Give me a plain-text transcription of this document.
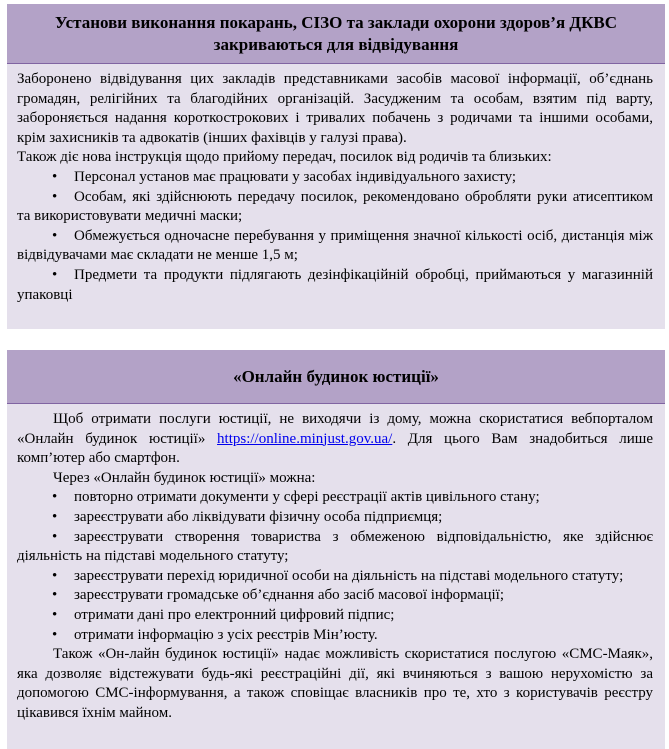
Установи виконання покарань, СІЗО та заклади охорони здоров’я ДКВС
закриваються для відвідування

Заборонено відвідування цих закладів представниками засобів масової інформації, об’єднань громадян, релігійних та благодійних організацій. Засудженим та особам, взятим під варту, забороняється надання короткострокових і тривалих побачень з родичами та іншими особами, крім захисників та адвокатів (інших фахівців у галузі права).

Також діє нова інструкція щодо прийому передач, посилок від родичів та близьких:

• Персонал установ має працювати у засобах індивідуального захисту;

• Особам, які здійснюють передачу посилок, рекомендовано обробляти руки атисептиком та використовувати медичні маски;

• Обмежується одночасне перебування у приміщення значної кількості осіб, дистанція між відвідувачами має складати не менше 1,5 м;

• Предмети та продукти підлягають дезінфікаційній обробці, приймаються у магазинній упаковці

«Онлайн будинок юстиції»

Щоб отримати послуги юстиції, не виходячи із дому, можна скористатися вебпорталом «Онлайн будинок юстиції» https://online.minjust.gov.ua/. Для цього Вам знадобиться лише комп’ютер або смартфон.

Через «Онлайн будинок юстиції» можна:

• повторно отримати документи у сфері реєстрації актів цивільного стану;

• зареєструвати або ліквідувати фізичну особа підприємця;

• зареєструвати створення товариства з обмеженою відповідальністю, яке здійснює діяльність на підставі модельного статуту;

• зареєструвати перехід юридичної особи на діяльність на підставі модельного статуту;

• зареєструвати громадське об’єднання або засіб масової інформації;

• отримати дані про електронний цифровий підпис;

• отримати інформацію з усіх реєстрів Мін’юсту.

Також «Он-лайн будинок юстиції» надає можливість скористатися послугою «СМС-Маяк», яка дозволяє відстежувати будь-які реєстраційні дії, які вчиняються з вашою нерухомістю за допомогою СМС-інформування, а також сповіщає власників про те, хто з користувачів реєстру цікавився їхнім майном.
